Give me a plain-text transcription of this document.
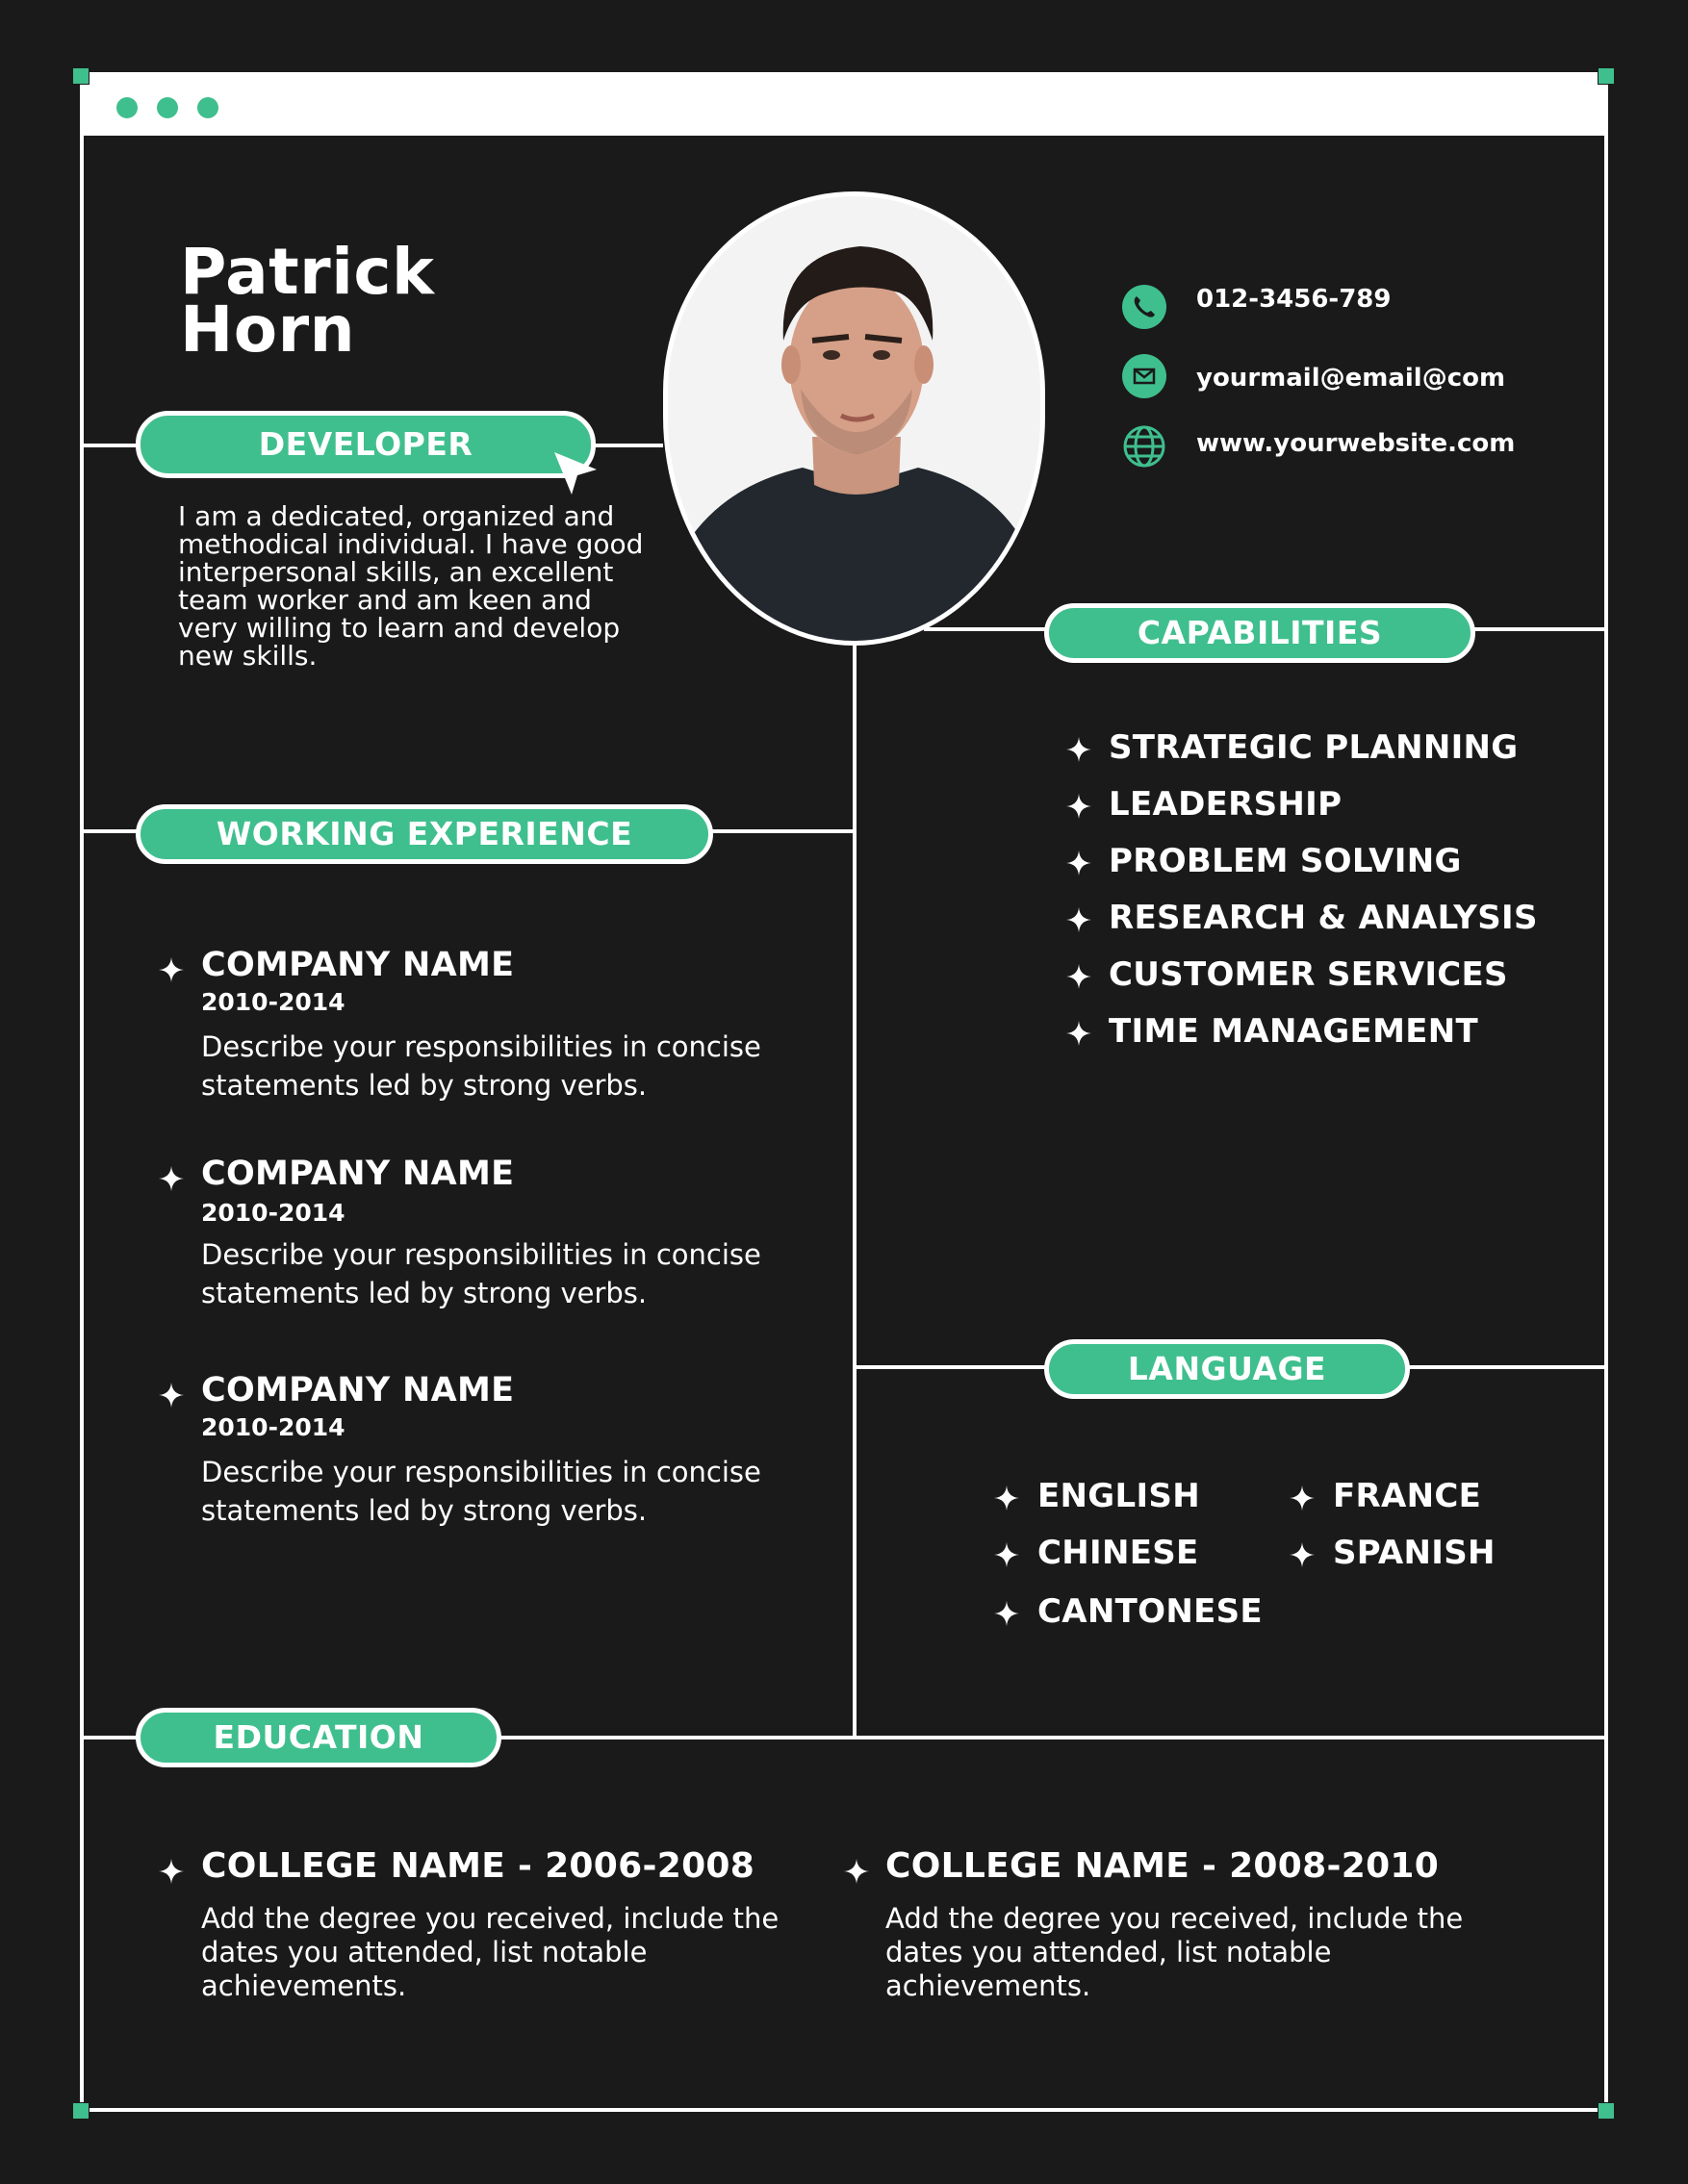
Patrick
Horn
DEVELOPER
I am a dedicated, organized and methodical individual. I have good interpersonal skills, an excellent team worker and am keen and very willing to learn and develop new skills.
012-3456-789
yourmail@email@com
www.yourwebsite.com
CAPABILITIES
STRATEGIC PLANNING
LEADERSHIP
PROBLEM SOLVING
RESEARCH & ANALYSIS
CUSTOMER SERVICES
TIME MANAGEMENT
WORKING EXPERIENCE
COMPANY NAME
2010-2014
Describe your responsibilities in concise statements led by strong verbs.
COMPANY NAME
2010-2014
Describe your responsibilities in concise statements led by strong verbs.
COMPANY NAME
2010-2014
Describe your responsibilities in concise statements led by strong verbs.
LANGUAGE
ENGLISH	FRANCE
CHINESE	SPANISH
CANTONESE
EDUCATION
COLLEGE NAME - 2006-2008
Add the degree you received, include the dates you attended, list notable achievements.
COLLEGE NAME - 2008-2010
Add the degree you received, include the dates you attended, list notable achievements.
